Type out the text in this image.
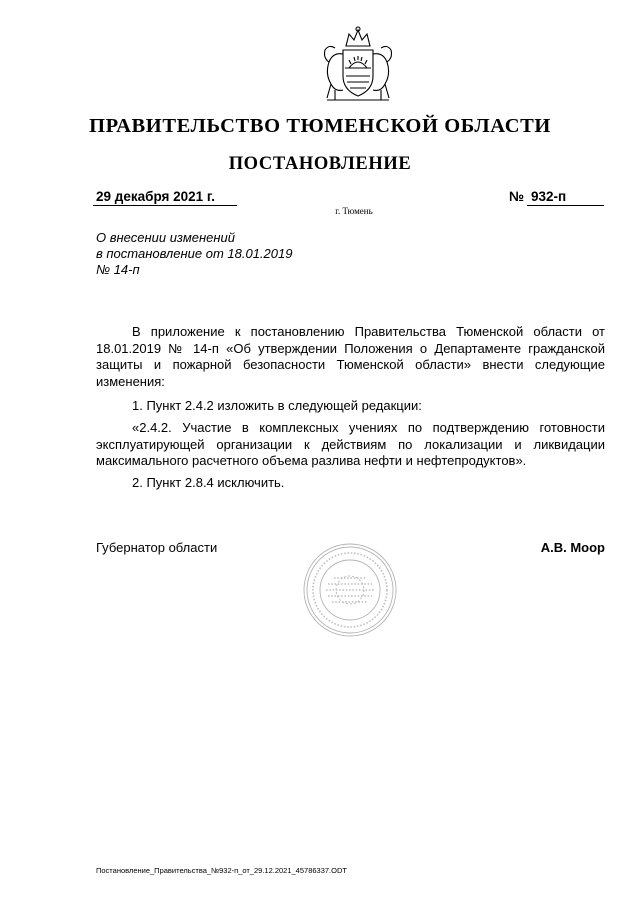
ПРАВИТЕЛЬСТВО ТЮМЕНСКОЙ ОБЛАСТИ
ПОСТАНОВЛЕНИЕ
29 декабря 2021 г.	№ 932-п
г. Тюмень
О внесении изменений
в постановление от 18.01.2019
№ 14-п
В приложение к постановлению Правительства Тюменской области от 18.01.2019 № 14-п «Об утверждении Положения о Департаменте гражданской защиты и пожарной безопасности Тюменской области» внести следующие изменения:
1. Пункт 2.4.2 изложить в следующей редакции:
«2.4.2. Участие в комплексных учениях по подтверждению готовности эксплуатирующей организации к действиям по локализации и ликвидации максимального расчетного объема разлива нефти и нефтепродуктов».
2. Пункт 2.8.4 исключить.
Губернатор области	А.В. Моор
Постановление_Правительства_№932-п_от_29.12.2021_45786337.ODT
